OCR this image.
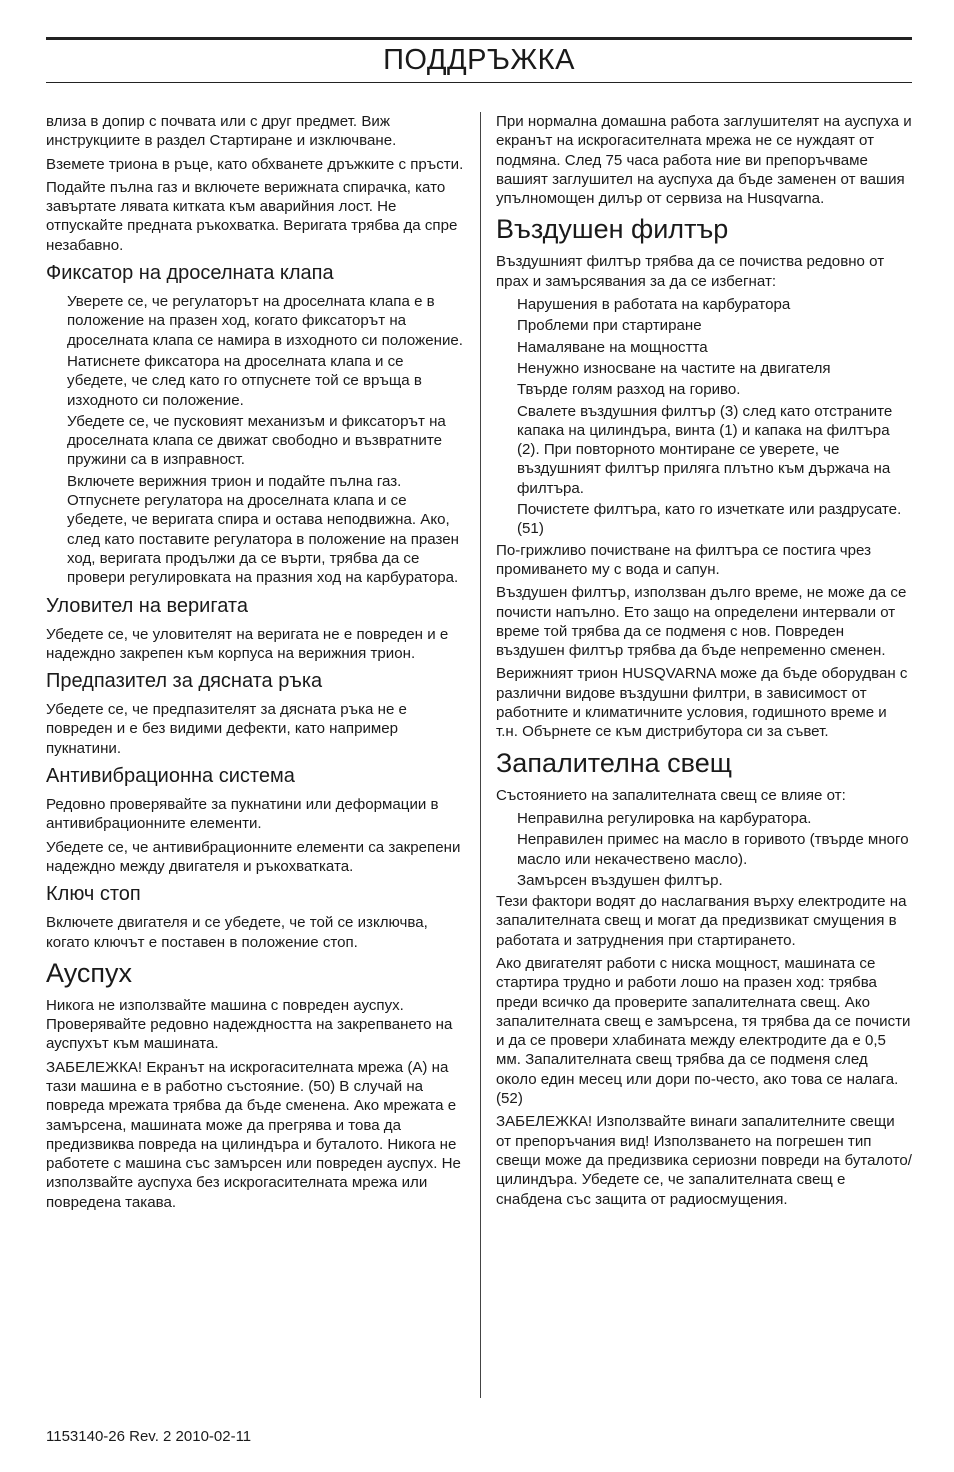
ПОДДРЪЖКА

влиза в допир с почвата или с друг предмет. Виж инструкциите в раздел Стартиране и изключване.

Вземете триона в ръце, като обхванете дръжките с пръсти.

Подайте пълна газ и включете верижната спирачка, като завъртате лявата китката към аварийния лост. Не отпускайте предната ръкохватка. Веригата трябва да спре незабавно.

Фиксатор на дроселната клапа

Уверете се, че регулаторът на дроселната клапа е в положение на празен ход, когато фиксаторът на дроселната клапа се намира в изходното си положение.

Натиснете фиксатора на дроселната клапа и се убедете, че след като го отпуснете той се връща в изходното си положение.

Убедете се, че пусковият механизъм и фиксаторът на дроселната клапа се движат свободно и възвратните пружини са в изправност.

Включете верижния трион и подайте пълна газ. Отпуснете регулатора на дроселната клапа и се убедете, че веригата спира и остава неподвижна. Ако, след като поставите регулатора в положение на празен ход, веригата продължи да се върти, трябва да се провери регулировката на празния ход на карбуратора.

Уловител на веригата

Убедете се, че уловителят на веригата не е повреден и е надеждно закрепен към корпуса на верижния трион.

Предпазител за дясната ръка

Убедете се, че предпазителят за дясната ръка не е повреден и е без видими дефекти, като например пукнатини.

Антивибрационна система

Редовно проверявайте за пукнатини или деформации в антивибрационните елементи.

Убедете се, че антивибрационните елементи са закрепени надеждно между двигателя и ръкохватката.

Ключ стоп

Включете двигателя и се убедете, че той се изключва, когато ключът е поставен в положение стоп.

Ауспух

Никога не използвайте машина с повреден ауспух. Проверявайте редовно надеждността на закрепването на ауспухът към машината.

ЗАБЕЛЕЖКА! Екранът на искрогасителната мрежа (А) на тази машина е в работно състояние. (50) В случай на повреда мрежата трябва да бъде сменена. Ако мрежата е замърсена, машината може да прегрява и това да предизвиква повреда на цилиндъра и буталото. Никога не работете с машина със замърсен или повреден ауспух. Не използвайте ауспуха без искрогасителната мрежа или повредена такава.

При нормална домашна работа заглушителят на ауспуха и екранът на искрогасителната мрежа не се нуждаят от подмяна. След 75 часа работа ние ви препоръчваме вашият заглушител на ауспуха да бъде заменен от вашия упълномощен дилър от сервиза на Husqvarna.

Въздушен филтър

Въздушният филтър трябва да се почиства редовно от прах и замърсявания за да се избегнат:

Нарушения в работата на карбуратора

Проблеми при стартиране

Намаляване на мощността

Ненужно износване на частите на двигателя

Твърде голям разход на гориво.

Свалете въздушния филтър (3) след като отстраните капака на цилиндъра, винта (1) и капака на филтъра (2). При повторното монтиране се уверете, че въздушният филтър прилягa плътно към държача на филтъра.

Почистете филтъра, като го изчеткате или раздрусате. (51)

По-грижливо почистване на филтъра се постига чрез промиването му с вода и сапун.

Въздушен филтър, използван дълго време, не може да се почисти напълно. Ето защо на определени интервали от време той трябва да се подменя с нов. Повреден въздушен филтър трябва да бъде непременно сменен.

Верижният трион HUSQVARNA може да бъде оборудван с различни видове въздушни филтри, в зависимост от работните и климатичните условия, годишното време и т.н. Обърнете се към дистрибутора си за съвет.

Запалителна свещ

Състоянието на запалителната свещ се влияе от:

Неправилна регулировка на карбуратора.

Неправилен примес на масло в горивото (твърде много масло или некачествено масло).

Замърсен въздушен филтър.

Тези фактори водят до наслагвания върху електродите на запалителната свещ и могат да предизвикат смущения в работата и затруднения при стартирането.

Ако двигателят работи с ниска мощност, машината се стартира трудно и работи лошо на празен ход: трябва преди всичко да проверите запалителната свещ. Ако запалителната свещ е замърсена, тя трябва да се почисти и да се провери хлабината между електродите да е 0,5 мм. Запалителната свещ трябва да се подменя след около един месец или дори по-често, ако това се налага. (52)

ЗАБЕЛЕЖКА! Използвайте винаги запалителните свещи от препоръчания вид! Използването на погрешен тип свещи може да предизвика сериозни повреди на буталото/цилиндъра. Убедете се, че запалителната свещ е снабдена със защита от радиосмущения.

1153140-26 Rev. 2 2010-02-11
